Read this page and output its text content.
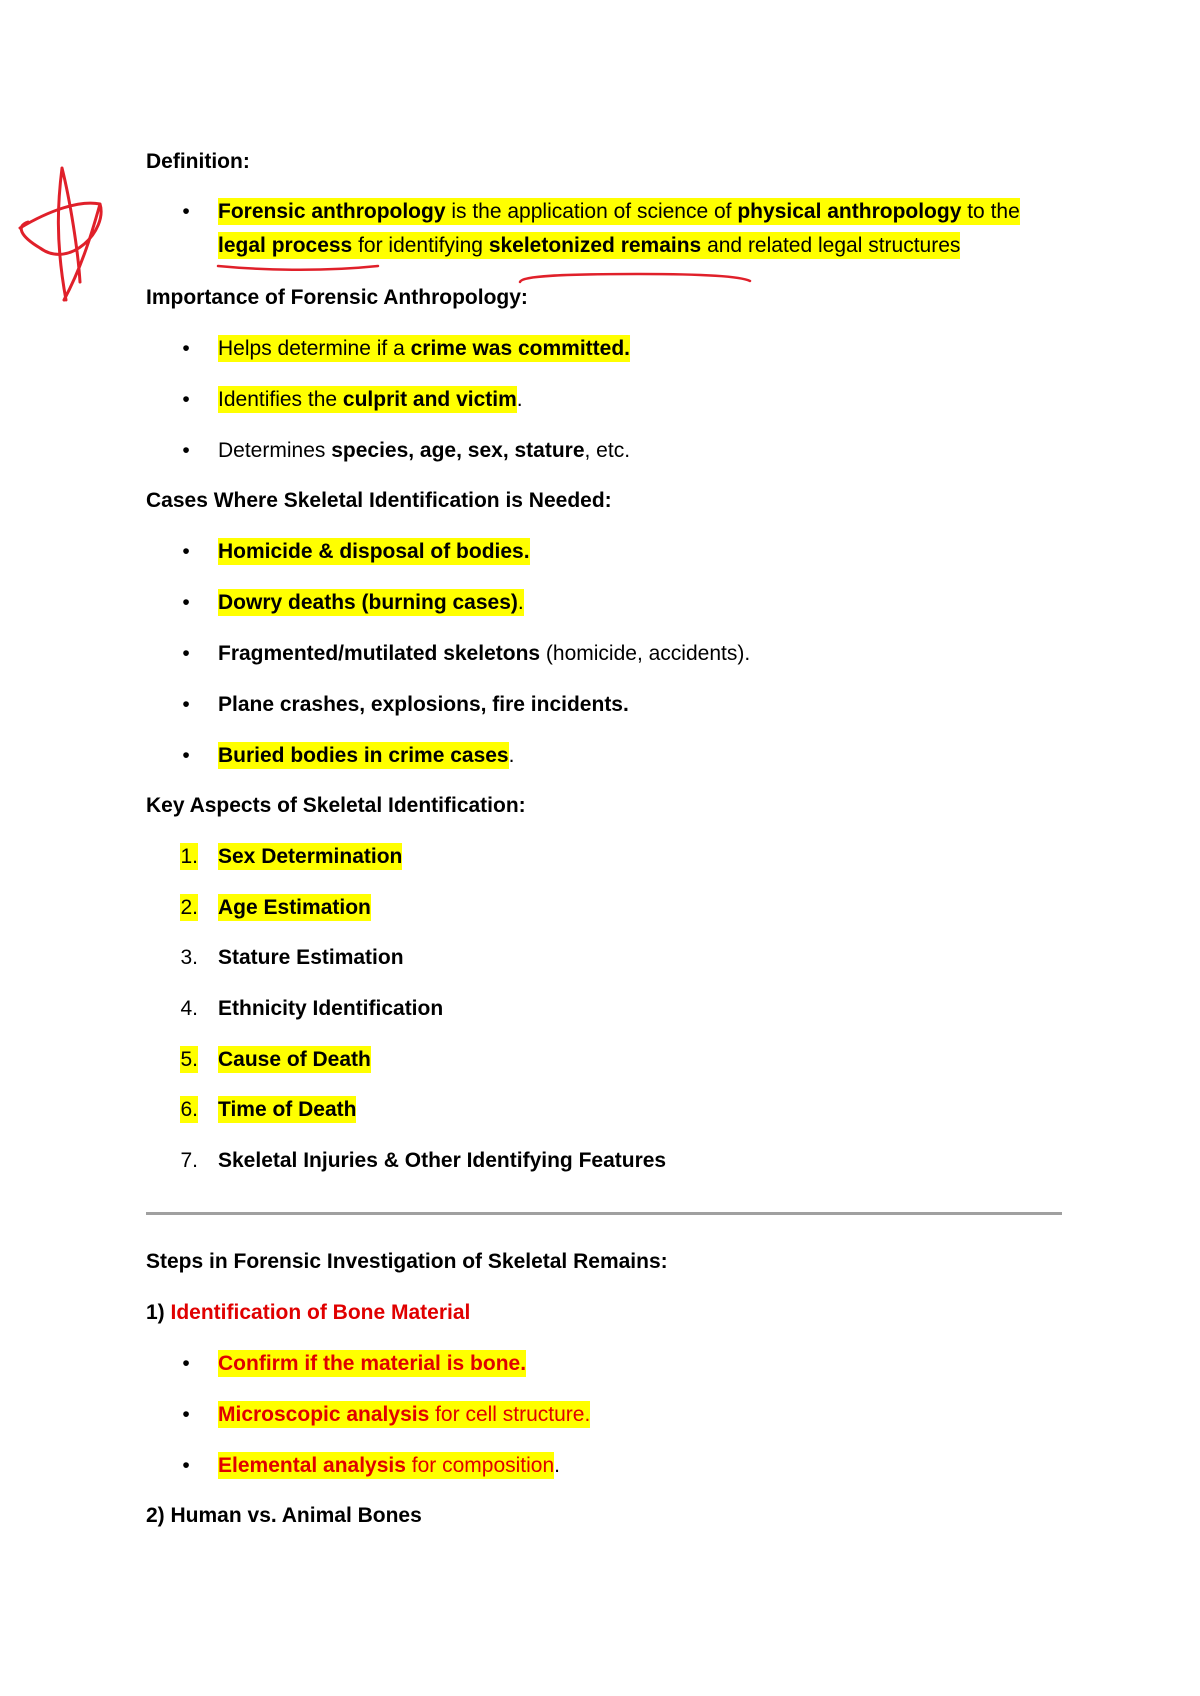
Definition:
•	Forensic anthropology is the application of science of physical anthropology to the
legal process for identifying skeletonized remains and related legal structures
Importance of Forensic Anthropology:
•	Helps determine if a crime was committed.
•	Identifies the culprit and victim.
•	Determines species, age, sex, stature, etc.
Cases Where Skeletal Identification is Needed:
•	Homicide & disposal of bodies.
•	Dowry deaths (burning cases).
•	Fragmented/mutilated skeletons (homicide, accidents).
•	Plane crashes, explosions, fire incidents.
•	Buried bodies in crime cases.
Key Aspects of Skeletal Identification:
1. Sex Determination
2. Age Estimation
3. Stature Estimation
4. Ethnicity Identification
5. Cause of Death
6. Time of Death
7. Skeletal Injuries & Other Identifying Features
Steps in Forensic Investigation of Skeletal Remains:
1) Identification of Bone Material
•	Confirm if the material is bone.
•	Microscopic analysis for cell structure.
•	Elemental analysis for composition.
2) Human vs. Animal Bones
